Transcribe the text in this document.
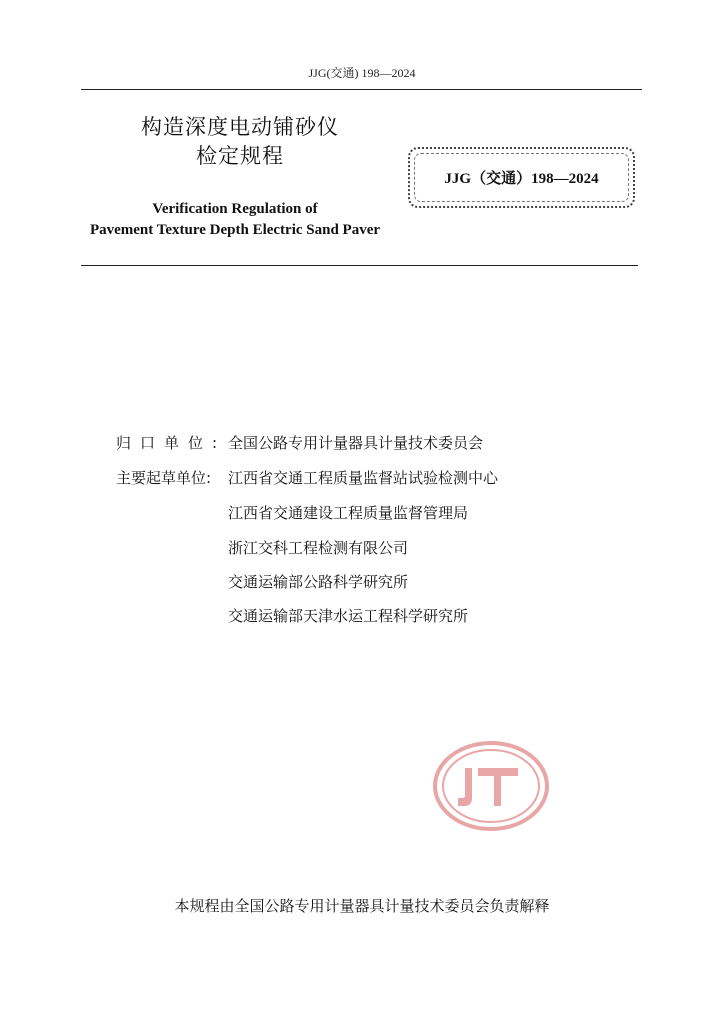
JJG(交通) 198—2024
构造深度电动铺砂仪
检定规程
JJG（交通）198—2024
Verification Regulation of
Pavement Texture Depth Electric Sand Paver
归口单位: 全国公路专用计量器具计量技术委员会
主要起草单位:	江西省交通工程质量监督站试验检测中心
江西省交通建设工程质量监督管理局
浙江交科工程检测有限公司
交通运输部公路科学研究所
交通运输部天津水运工程科学研究所
本规程由全国公路专用计量器具计量技术委员会负责解释
